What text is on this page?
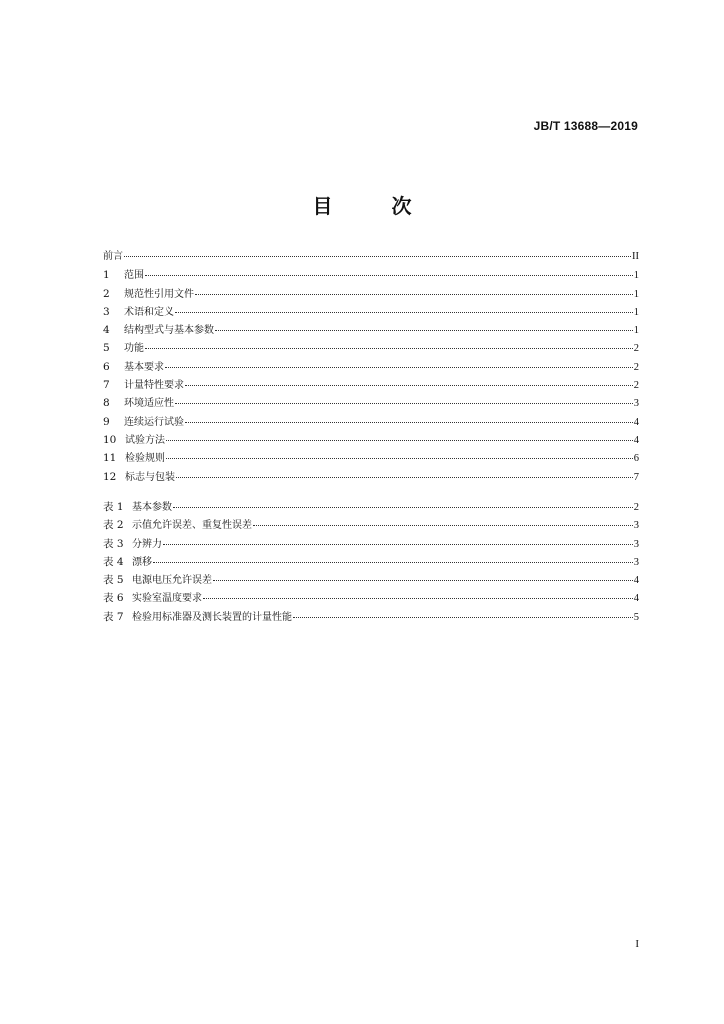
JB/T 13688—2019
目 次
前言	II
1	范围	1
2	规范性引用文件	1
3	术语和定义	1
4	结构型式与基本参数	1
5	功能	2
6	基本要求	2
7	计量特性要求	2
8	环境适应性	3
9	连续运行试验	4
10 试验方法	4
11 检验规则	6
12 标志与包装	7
表 1 基本参数	2
表 2 示值允许误差、重复性误差	3
表 3 分辨力	3
表 4 漂移	3
表 5 电源电压允许误差	4
表 6 实验室温度要求	4
表 7 检验用标准器及测长装置的计量性能	5
I
